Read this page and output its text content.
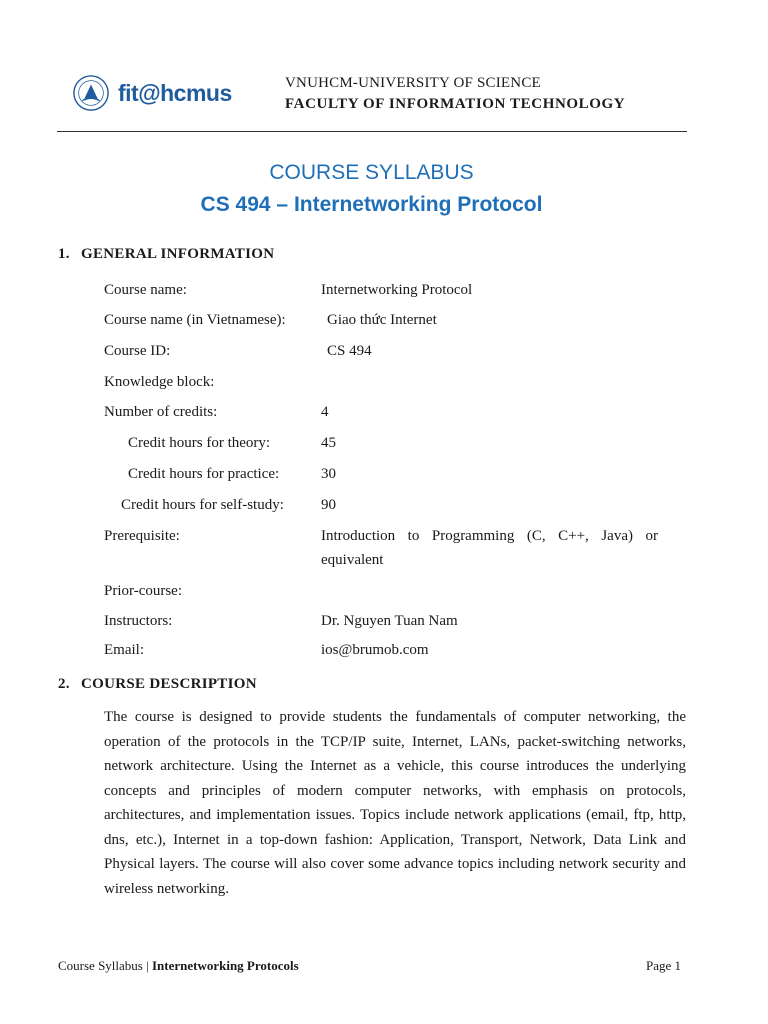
fit@hcmus	VNUHCM-UNIVERSITY OF SCIENCE
FACULTY OF INFORMATION TECHNOLOGY
COURSE SYLLABUS
CS 494 – Internetworking Protocol
1. GENERAL INFORMATION
Course name:	Internetworking Protocol
Course name (in Vietnamese):	Giao thức Internet
Course ID:	CS 494
Knowledge block:
Number of credits:	4
Credit hours for theory:	45
Credit hours for practice:	30
Credit hours for self-study: 90
Prerequisite:	Introduction to Programming (C, C++, Java) or
equivalent
Prior-course:
Instructors:	Dr. Nguyen Tuan Nam
Email:	ios@brumob.com
2. COURSE DESCRIPTION
The course is designed to provide students the fundamentals of computer networking, the operation of the protocols in the TCP/IP suite, Internet, LANs, packet-switching networks, network architecture. Using the Internet as a vehicle, this course introduces the underlying concepts and principles of modern computer networks, with emphasis on protocols, architectures, and implementation issues. Topics include network applications (email, ftp, http, dns, etc.), Internet in a top-down fashion: Application, Transport, Network, Data Link and Physical layers. The course will also cover some advance topics including network security and wireless networking.
Course Syllabus | Internetworking Protocols	Page 1
